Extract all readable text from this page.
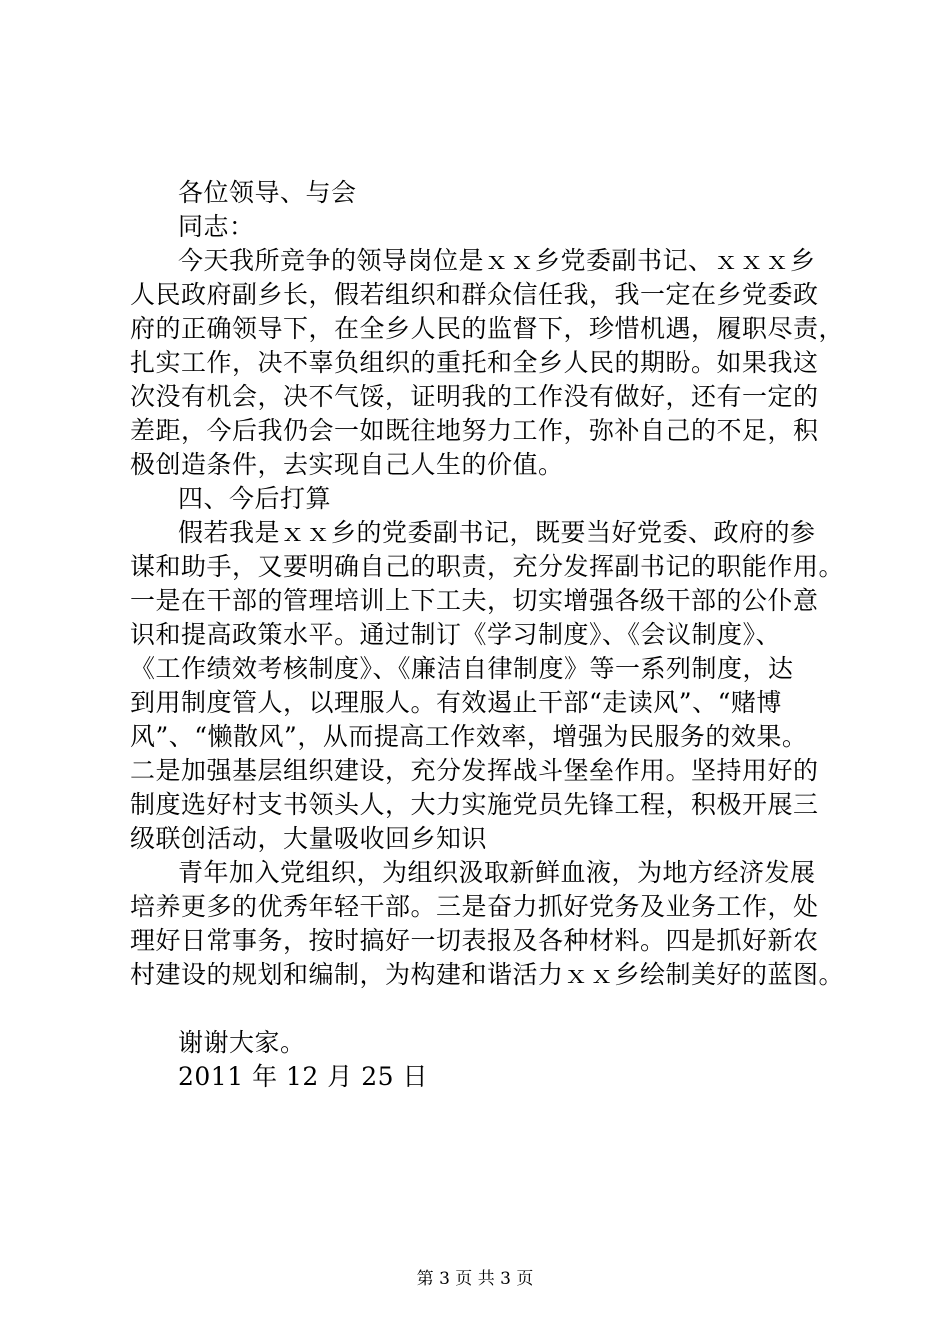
各位领导、与会
同志：
今天我所竞争的领导岗位是ｘｘ乡党委副书记、ｘｘｘ乡
人民政府副乡长，假若组织和群众信任我，我一定在乡党委政
府的正确领导下，在全乡人民的监督下，珍惜机遇，履职尽责，
扎实工作，决不辜负组织的重托和全乡人民的期盼。如果我这
次没有机会，决不气馁，证明我的工作没有做好，还有一定的
差距，今后我仍会一如既往地努力工作，弥补自己的不足，积
极创造条件，去实现自己人生的价值。
四、今后打算
假若我是ｘｘ乡的党委副书记，既要当好党委、政府的参
谋和助手，又要明确自己的职责，充分发挥副书记的职能作用。
一是在干部的管理培训上下工夫，切实增强各级干部的公仆意
识和提高政策水平。通过制订《学习制度》、《会议制度》、
《工作绩效考核制度》、《廉洁自律制度》等一系列制度，达
到用制度管人，以理服人。有效遏止干部“走读风”、“赌博
风”、“懒散风”，从而提高工作效率，增强为民服务的效果。
二是加强基层组织建设，充分发挥战斗堡垒作用。坚持用好的
制度选好村支书领头人，大力实施党员先锋工程，积极开展三
级联创活动，大量吸收回乡知识
青年加入党组织，为组织汲取新鲜血液，为地方经济发展
培养更多的优秀年轻干部。三是奋力抓好党务及业务工作，处
理好日常事务，按时搞好一切表报及各种材料。四是抓好新农
村建设的规划和编制，为构建和谐活力ｘｘ乡绘制美好的蓝图。
谢谢大家。
2011 年 12 月 25 日
第 3 页 共 3 页
